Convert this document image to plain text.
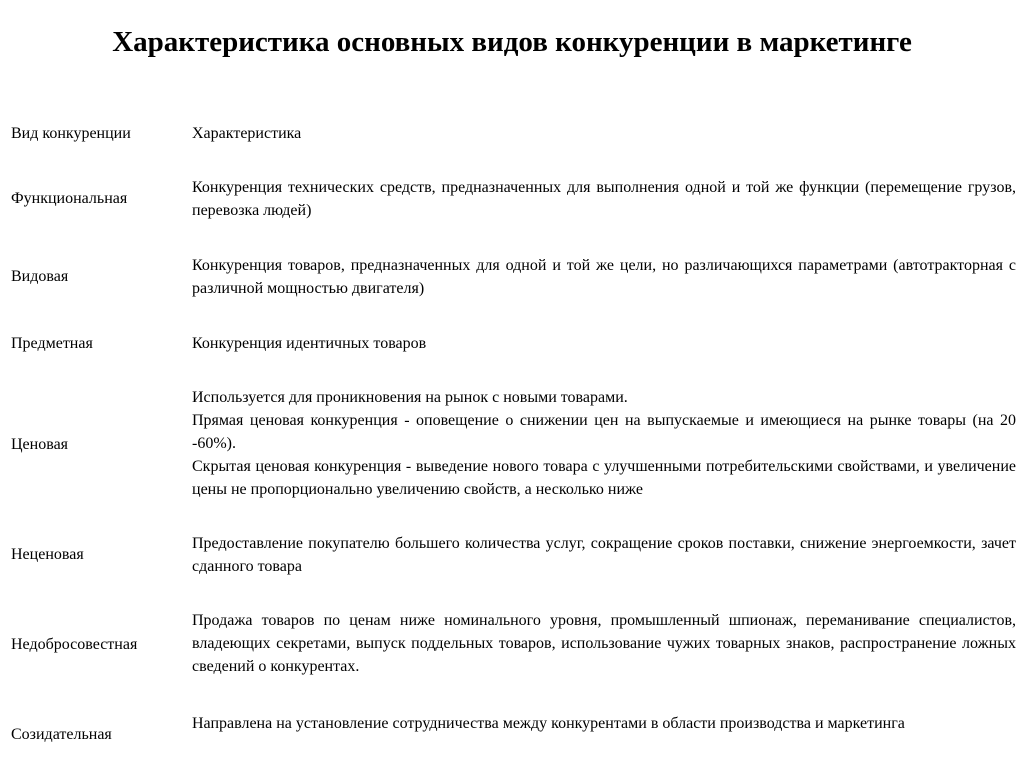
Характеристика основных видов конкуренции в маркетинге
Вид конкуренции	Характеристика
Функциональная

Конкуренция технических средств, предназначенных для выполнения одной и той же функции (перемещение грузов, перевозка людей)

Видовая

Конкуренция товаров, предназначенных для одной и той же цели, но различающихся параметрами (автотракторная с различной мощностью двигателя)

Предметная	Конкуренция идентичных товаров

Ценовая

Используется для проникновения на рынок с новыми товарами.

Прямая ценовая конкуренция - оповещение о снижении цен на выпускаемые и имеющиеся на рынке товары (на 20 -60%).

Скрытая ценовая конкуренция - выведение нового товара с улучшенными потребительскими свойствами, и увеличение цены не пропорционально увеличению свойств, а несколько ниже

Неценовая

Предоставление покупателю большего количества услуг, сокращение сроков поставки, снижение энергоемкости, зачет сданного товара

Недобросовестная

Продажа товаров по ценам ниже номинального уровня, промышленный шпионаж, переманивание специалистов, владеющих секретами, выпуск поддельных товаров, использование чужих товарных знаков, распространение ложных сведений о конкурентах.

Созидательная

Направлена на установление сотрудничества между конкурентами в области производства и маркетинга
